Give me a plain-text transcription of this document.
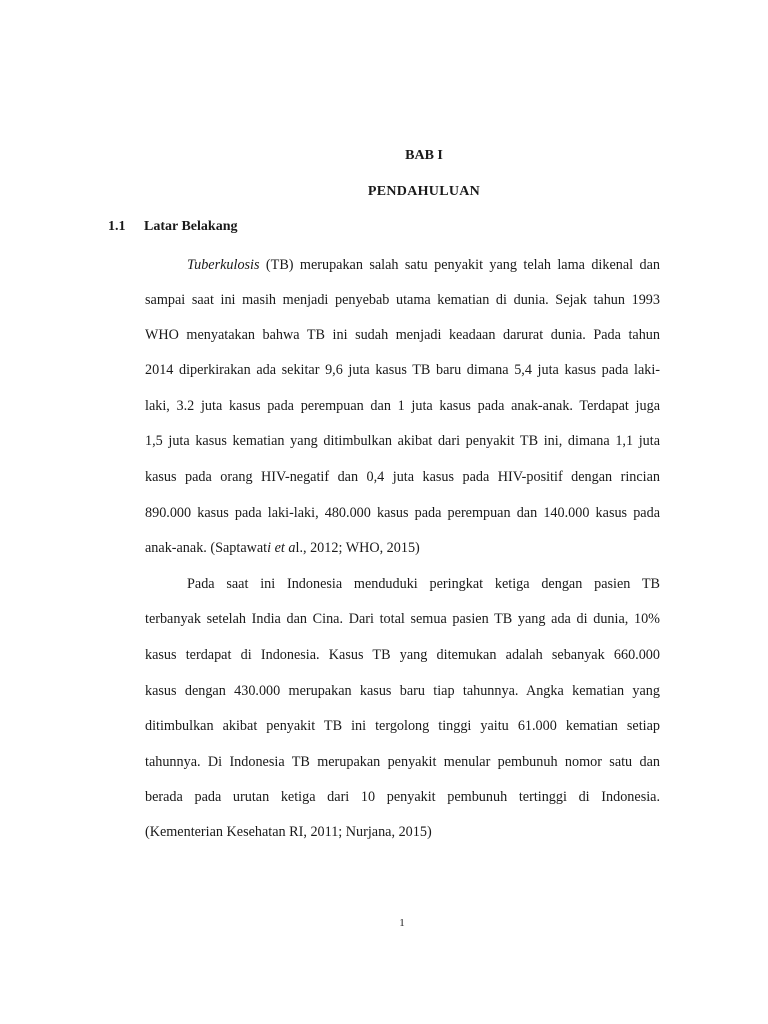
BAB I
PENDAHULUAN
1.1 Latar Belakang
Tuberkulosis (TB) merupakan salah satu penyakit yang telah lama dikenal dan
sampai saat ini masih menjadi penyebab utama kematian di dunia. Sejak tahun 1993
WHO menyatakan bahwa TB ini sudah menjadi keadaan darurat dunia. Pada tahun
2014 diperkirakan ada sekitar 9,6 juta kasus TB baru dimana 5,4 juta kasus pada laki-
laki, 3.2 juta kasus pada perempuan dan 1 juta kasus pada anak-anak. Terdapat juga
1,5 juta kasus kematian yang ditimbulkan akibat dari penyakit TB ini, dimana 1,1 juta
kasus pada orang HIV-negatif dan 0,4 juta kasus pada HIV-positif dengan rincian
890.000 kasus pada laki-laki, 480.000 kasus pada perempuan dan 140.000 kasus pada
anak-anak. (Saptawati et al., 2012; WHO, 2015)
Pada saat ini Indonesia menduduki peringkat ketiga dengan pasien TB
terbanyak setelah India dan Cina. Dari total semua pasien TB yang ada di dunia, 10%
kasus terdapat di Indonesia. Kasus TB yang ditemukan adalah sebanyak 660.000
kasus dengan 430.000 merupakan kasus baru tiap tahunnya. Angka kematian yang
ditimbulkan akibat penyakit TB ini tergolong tinggi yaitu 61.000 kematian setiap
tahunnya. Di Indonesia TB merupakan penyakit menular pembunuh nomor satu dan
berada pada urutan ketiga dari 10 penyakit pembunuh tertinggi di Indonesia.
(Kementerian Kesehatan RI, 2011; Nurjana, 2015)
1
